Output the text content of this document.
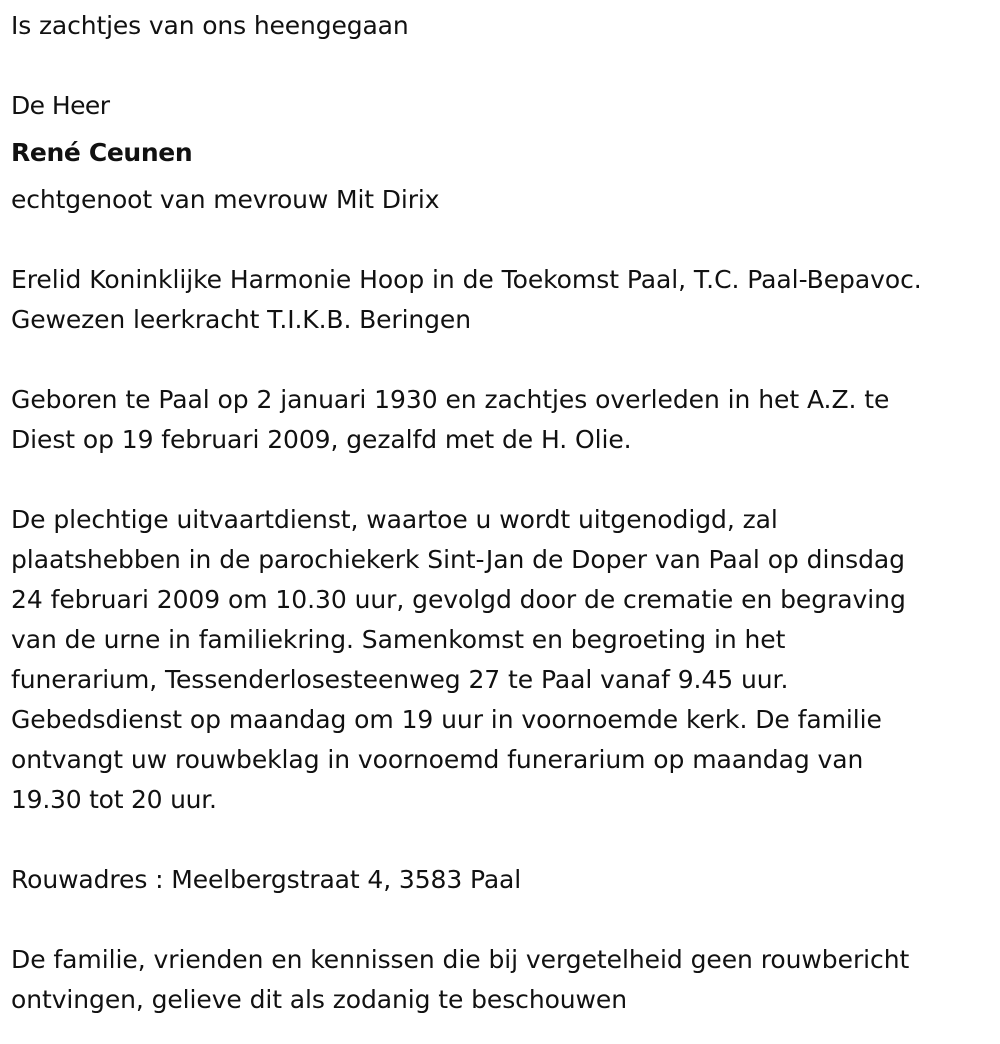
Is zachtjes van ons heengegaan

De Heer

René Ceunen

echtgenoot van mevrouw Mit Dirix

Erelid Koninklijke Harmonie Hoop in de Toekomst Paal, T.C. Paal-Bepavoc.

Gewezen leerkracht T.I.K.B. Beringen

Geboren te Paal op 2 januari 1930 en zachtjes overleden in het A.Z. te

Diest op 19 februari 2009, gezalfd met de H. Olie.

De plechtige uitvaartdienst, waartoe u wordt uitgenodigd, zal

plaatshebben in de parochiekerk Sint-Jan de Doper van Paal op dinsdag

24 februari 2009 om 10.30 uur, gevolgd door de crematie en begraving

van de urne in familiekring. Samenkomst en begroeting in het

funerarium, Tessenderlosesteenweg 27 te Paal vanaf 9.45 uur.

Gebedsdienst op maandag om 19 uur in voornoemde kerk. De familie

ontvangt uw rouwbeklag in voornoemd funerarium op maandag van

19.30 tot 20 uur.

Rouwadres : Meelbergstraat 4, 3583 Paal

De familie, vrienden en kennissen die bij vergetelheid geen rouwbericht

ontvingen, gelieve dit als zodanig te beschouwen
